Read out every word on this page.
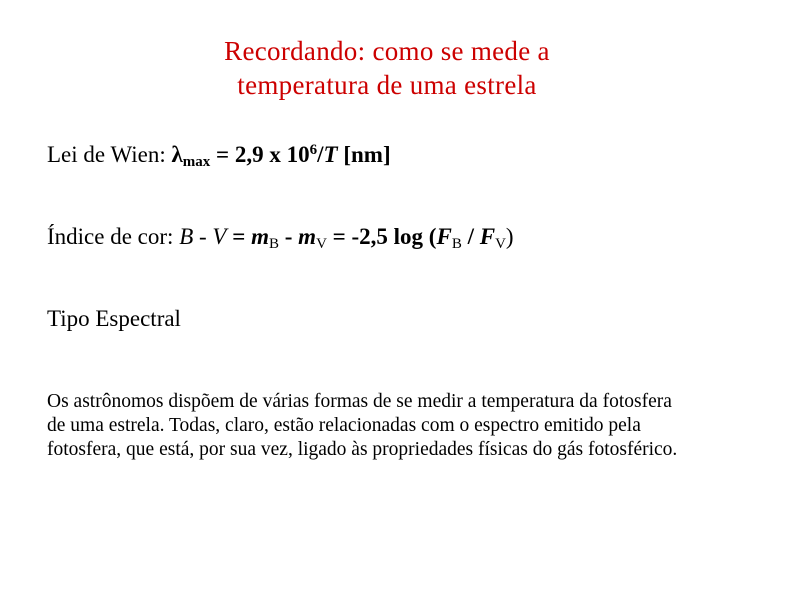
Recordando: como se mede a
temperatura de uma estrela
Lei de Wien: $\lambda_{max} = 2,9$ x $10^6/T$ [nm]
Índice de cor: $B - V = m_B - m_V = -2,5$ $\log (F_B / F_V)$
Tipo Espectral
Os astrônomos dispõem de várias formas de se medir a temperatura da fotosfera
de uma estrela. Todas, claro, estão relacionadas com o espectro emitido pela
fotosfera, que está, por sua vez, ligado às propriedades físicas do gás fotosférico.
